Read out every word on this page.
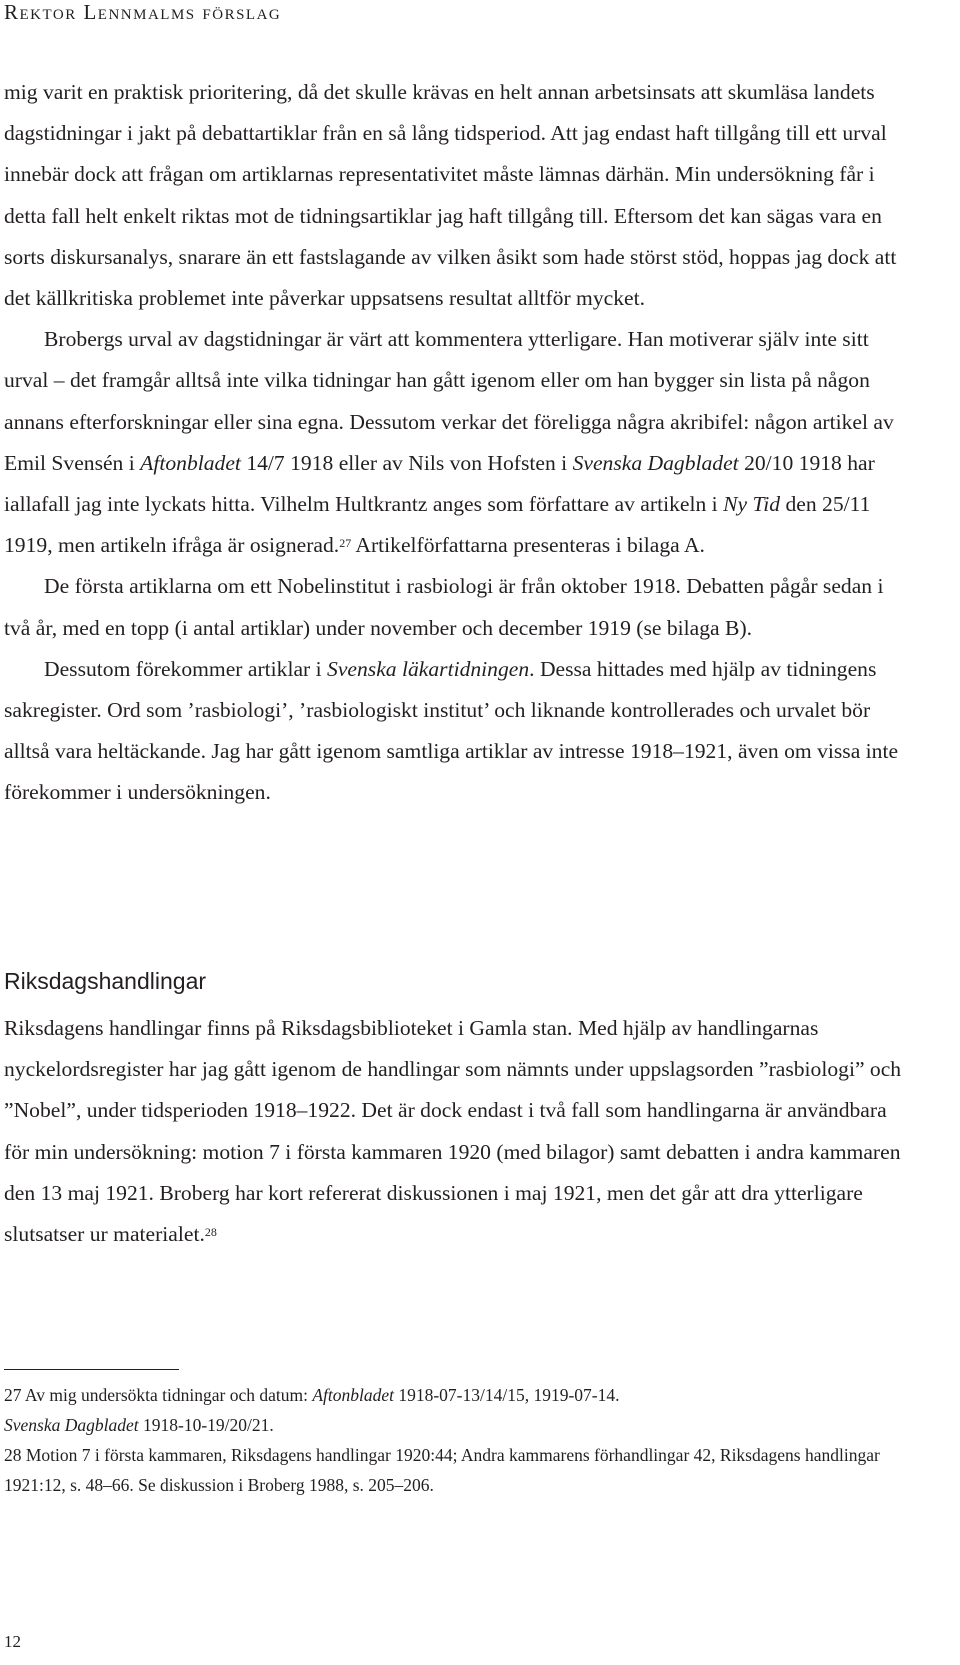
Rektor Lennmalms förslag

mig varit en praktisk prioritering, då det skulle krävas en helt annan arbetsinsats att skumläsa landets dagstidningar i jakt på debattartiklar från en så lång tidsperiod. Att jag endast haft tillgång till ett urval innebär dock att frågan om artiklarnas representativitet måste lämnas därhän. Min undersökning får i detta fall helt enkelt riktas mot de tidningsartiklar jag haft tillgång till. Eftersom det kan sägas vara en sorts diskursanalys, snarare än ett fastslagande av vilken åsikt som hade störst stöd, hoppas jag dock att det källkritiska problemet inte påverkar uppsatsens resultat alltför mycket.

Brobergs urval av dagstidningar är värt att kommentera ytterligare. Han motiverar själv inte sitt urval – det framgår alltså inte vilka tidningar han gått igenom eller om han bygger sin lista på någon annans efterforskningar eller sina egna. Dessutom verkar det föreligga några akribifel: någon artikel av Emil Svensén i Aftonbladet 14/7 1918 eller av Nils von Hofsten i Svenska Dagbladet 20/10 1918 har iallafall jag inte lyckats hitta. Vilhelm Hultkrantz anges som författare av artikeln i Ny Tid den 25/11 1919, men artikeln ifråga är osignerad.$^{27}$ Artikelförfattarna presenteras i bilaga A.

De första artiklarna om ett Nobelinstitut i rasbiologi är från oktober 1918. Debatten pågår sedan i två år, med en topp (i antal artiklar) under november och december 1919 (se bilaga B).

Dessutom förekommer artiklar i Svenska läkartidningen. Dessa hittades med hjälp av tidningens sakregister. Ord som ’rasbiologi’, ’rasbiologiskt institut’ och liknande kontrollerades och urvalet bör alltså vara heltäckande. Jag har gått igenom samtliga artiklar av intresse 1918–1921, även om vissa inte förekommer i undersökningen.

Riksdagshandlingar

Riksdagens handlingar finns på Riksdagsbiblioteket i Gamla stan. Med hjälp av handlingarnas nyckelordsregister har jag gått igenom de handlingar som nämnts under uppslagsorden ”rasbiologi” och ”Nobel”, under tidsperioden 1918–1922. Det är dock endast i två fall som handlingarna är användbara för min undersökning: motion 7 i första kammaren 1920 (med bilagor) samt debatten i andra kammaren den 13 maj 1921. Broberg har kort refererat diskussionen i maj 1921, men det går att dra ytterligare slutsatser ur materialet.$^{28}$

27 Av mig undersökta tidningar och datum: Aftonbladet 1918-07-13/14/15, 1919-07-14.

Svenska Dagbladet 1918-10-19/20/21.

28 Motion 7 i första kammaren, Riksdagens handlingar 1920:44; Andra kammarens förhandlingar 42, Riksdagens handlingar 1921:12, s. 48–66. Se diskussion i Broberg 1988, s. 205–206.

12
